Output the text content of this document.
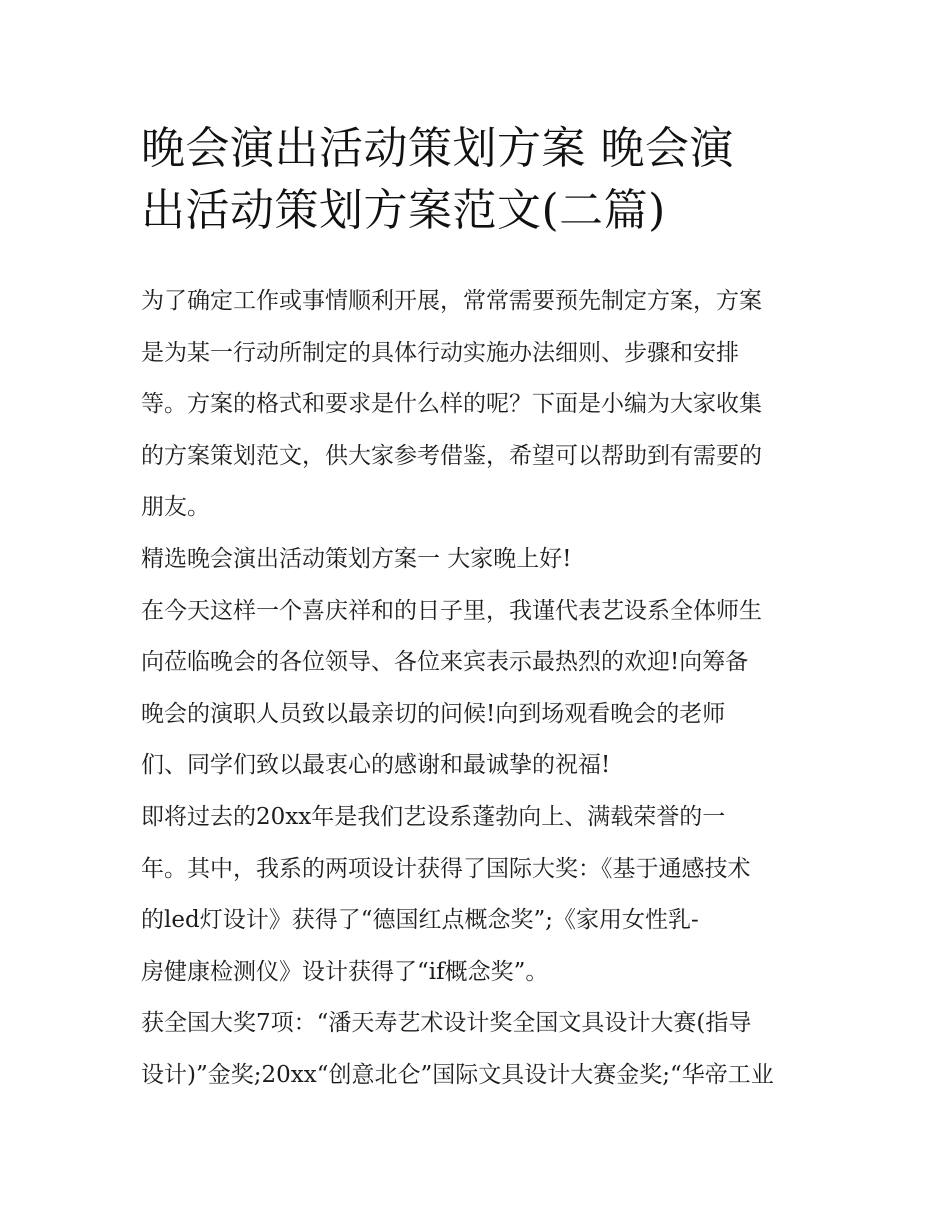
晚会演出活动策划方案 晚会演
出活动策划方案范文(二篇)
为了确定工作或事情顺利开展，常常需要预先制定方案，方案
是为某一行动所制定的具体行动实施办法细则、步骤和安排
等。方案的格式和要求是什么样的呢？下面是小编为大家收集
的方案策划范文，供大家参考借鉴，希望可以帮助到有需要的
朋友。
精选晚会演出活动策划方案一 大家晚上好!
在今天这样一个喜庆祥和的日子里，我谨代表艺设系全体师生
向莅临晚会的各位领导、各位来宾表示最热烈的欢迎!向筹备
晚会的演职人员致以最亲切的问候!向到场观看晚会的老师
们、同学们致以最衷心的感谢和最诚挚的祝福!
即将过去的20xx年是我们艺设系蓬勃向上、满载荣誉的一
年。其中，我系的两项设计获得了国际大奖：《基于通感技术
的led灯设计》获得了“德国红点概念奖”;《家用女性乳-
房健康检测仪》设计获得了“if概念奖”。
获全国大奖7项：“潘天寿艺术设计奖全国文具设计大赛(指导
设计)”金奖;20xx“创意北仑”国际文具设计大赛金奖;“华帝工业
